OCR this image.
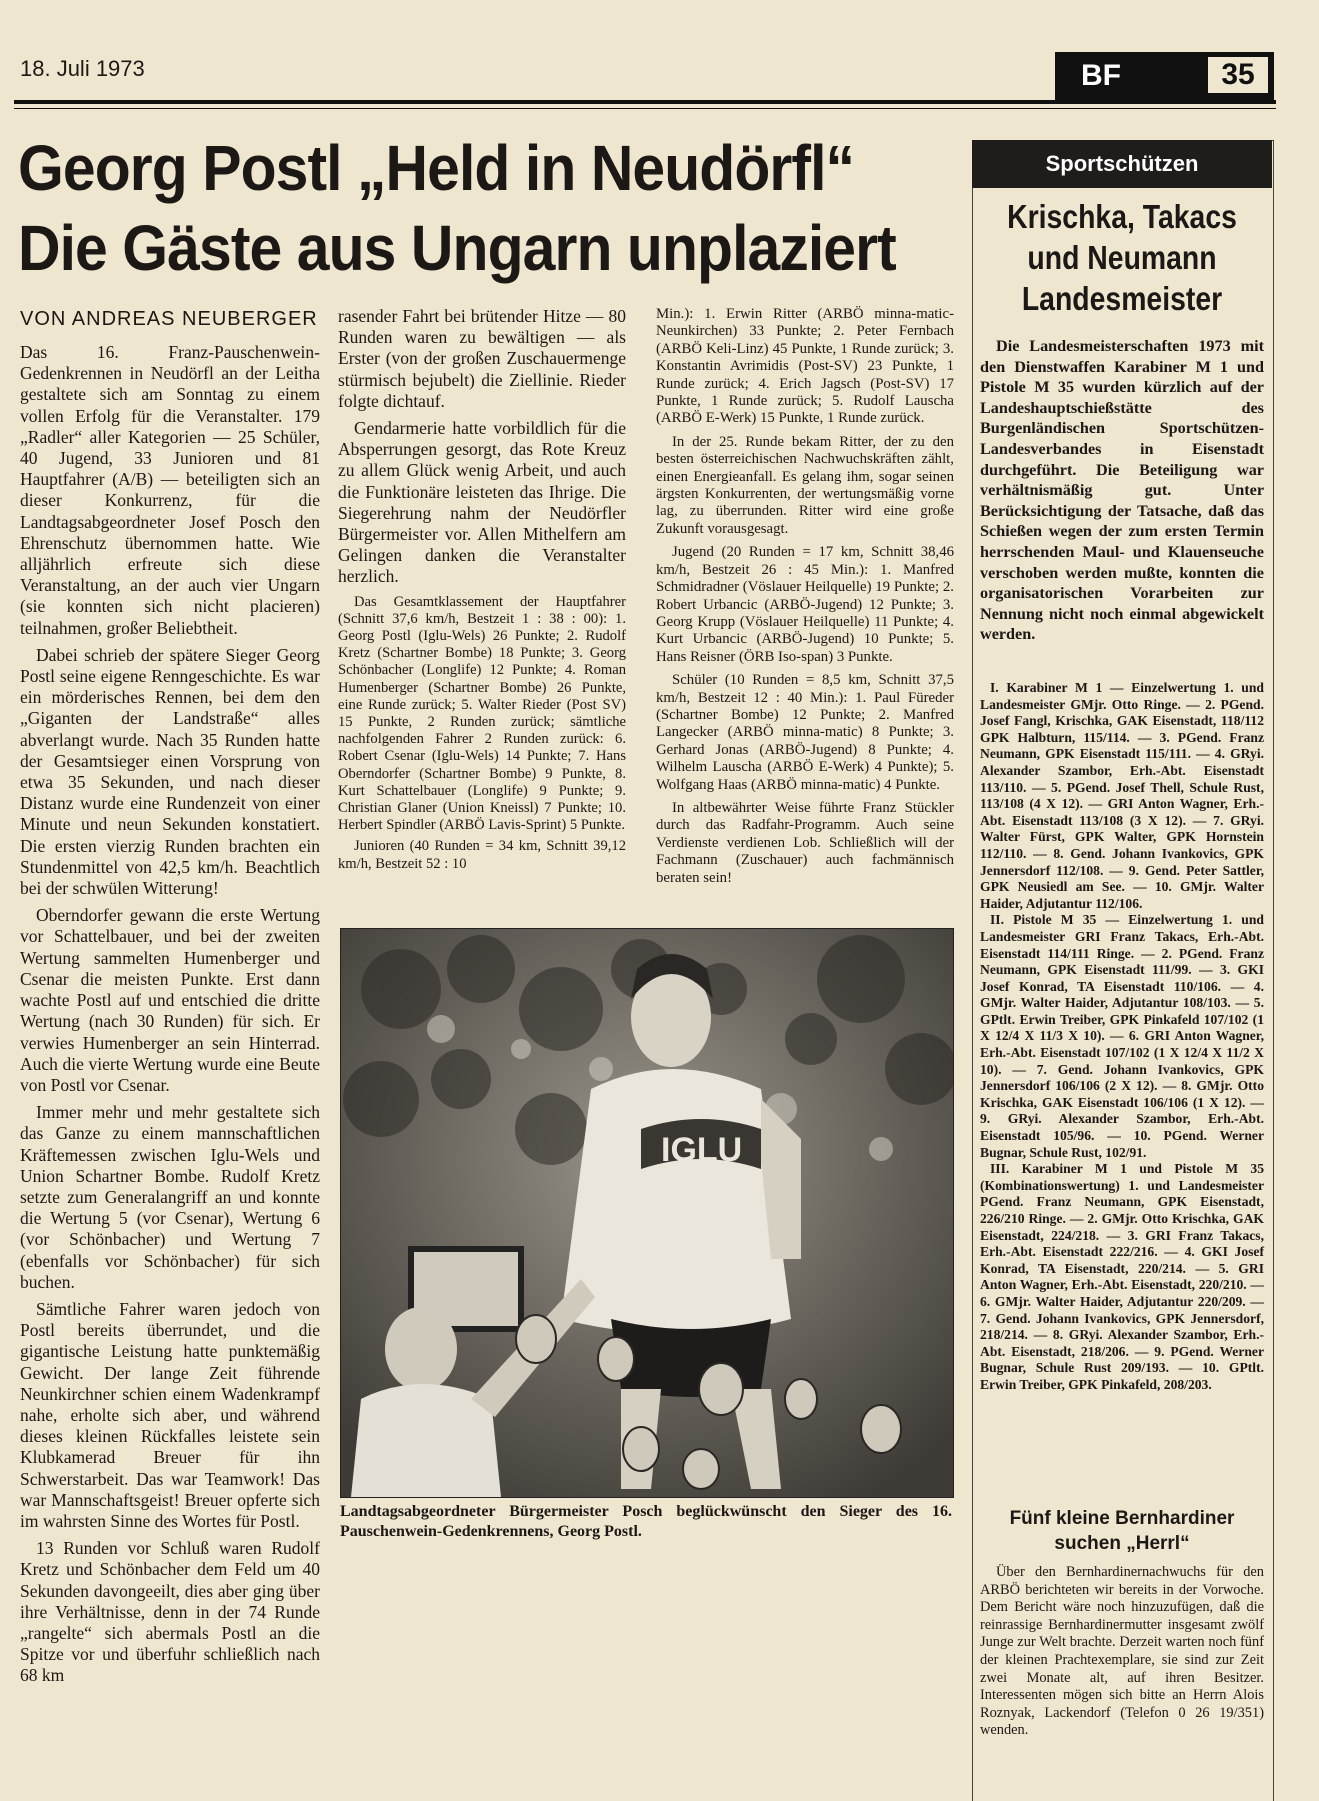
18. Juli 1973	BF	35
Georg Postl „Held in Neudörfl“
Die Gäste aus Ungarn unplaziert
VON ANDREAS NEUBERGER

Das 16. Franz-Pauschenwein-Gedenkrennen in Neudörfl an der Leitha gestaltete sich am Sonntag zu einem vollen Erfolg für die Veranstalter. 179 „Radler“ aller Kategorien — 25 Schüler, 40 Jugend, 33 Junioren und 81 Hauptfahrer (A/B) — beteiligten sich an dieser Konkurrenz, für die Landtagsabgeordneter Josef Posch den Ehrenschutz übernommen hatte. Wie alljährlich erfreute sich diese Veranstaltung, an der auch vier Ungarn (sie konnten sich nicht placieren) teilnahmen, großer Beliebtheit.

Dabei schrieb der spätere Sieger Georg Postl seine eigene Renngeschichte. Es war ein mörderisches Rennen, bei dem den „Giganten der Landstraße“ alles abverlangt wurde. Nach 35 Runden hatte der Gesamtsieger einen Vorsprung von etwa 35 Sekunden, und nach dieser Distanz wurde eine Rundenzeit von einer Minute und neun Sekunden konstatiert. Die ersten vierzig Runden brachten ein Stundenmittel von 42,5 km/h. Beachtlich bei der schwülen Witterung!

Oberndorfer gewann die erste Wertung vor Schattelbauer, und bei der zweiten Wertung sammelten Humenberger und Csenar die meisten Punkte. Erst dann wachte Postl auf und entschied die dritte Wertung (nach 30 Runden) für sich. Er verwies Humenberger an sein Hinterrad. Auch die vierte Wertung wurde eine Beute von Postl vor Csenar.

Immer mehr und mehr gestaltete sich das Ganze zu einem mannschaftlichen Kräftemessen zwischen Iglu-Wels und Union Schartner Bombe. Rudolf Kretz setzte zum Generalangriff an und konnte die Wertung 5 (vor Csenar), Wertung 6 (vor Schönbacher) und Wertung 7 (ebenfalls vor Schönbacher) für sich buchen.

Sämtliche Fahrer waren jedoch von Postl bereits überrundet, und die gigantische Leistung hatte punktemäßig Gewicht. Der lange Zeit führende Neunkirchner schien einem Wadenkrampf nahe, erholte sich aber, und während dieses kleinen Rückfalles leistete sein Klubkamerad Breuer für ihn Schwerstarbeit. Das war Teamwork! Das war Mannschaftsgeist! Breuer opferte sich im wahrsten Sinne des Wortes für Postl.

13 Runden vor Schluß waren Rudolf Kretz und Schönbacher dem Feld um 40 Sekunden davongeeilt, dies aber ging über ihre Verhältnisse, denn in der 74 Runde „rangelte“ sich abermals Postl an die Spitze vor und überfuhr schließlich nach 68 km

rasender Fahrt bei brütender Hitze — 80 Runden waren zu bewältigen — als Erster (von der großen Zuschauermenge stürmisch bejubelt) die Ziellinie. Rieder folgte dichtauf.

Gendarmerie hatte vorbildlich für die Absperrungen gesorgt, das Rote Kreuz zu allem Glück wenig Arbeit, und auch die Funktionäre leisteten das Ihrige. Die Siegerehrung nahm der Neudörfler Bürgermeister vor. Allen Mithelfern am Gelingen danken die Veranstalter herzlich.

Das Gesamtklassement der Hauptfahrer (Schnitt 37,6 km/h, Bestzeit 1 : 38 : 00): 1. Georg Postl (Iglu-Wels) 26 Punkte; 2. Rudolf Kretz (Schartner Bombe) 18 Punkte; 3. Georg Schönbacher (Longlife) 12 Punkte; 4. Roman Humenberger (Schartner Bombe) 26 Punkte, eine Runde zurück; 5. Walter Rieder (Post SV) 15 Punkte, 2 Runden zurück; sämtliche nachfolgenden Fahrer 2 Runden zurück: 6. Robert Csenar (Iglu-Wels) 14 Punkte; 7. Hans Oberndorfer (Schartner Bombe) 9 Punkte, 8. Kurt Schattelbauer (Longlife) 9 Punkte; 9. Christian Glaner (Union Kneissl) 7 Punkte; 10. Herbert Spindler (ARBÖ Lavis-Sprint) 5 Punkte.

Junioren (40 Runden = 34 km, Schnitt 39,12 km/h, Bestzeit 52 : 10

Min.): 1. Erwin Ritter (ARBÖ minna-matic-Neunkirchen) 33 Punkte; 2. Peter Fernbach (ARBÖ Keli-Linz) 45 Punkte, 1 Runde zurück; 3. Konstantin Avrimidis (Post-SV) 23 Punkte, 1 Runde zurück; 4. Erich Jagsch (Post-SV) 17 Punkte, 1 Runde zurück; 5. Rudolf Lauscha (ARBÖ E-Werk) 15 Punkte, 1 Runde zurück.

In der 25. Runde bekam Ritter, der zu den besten österreichischen Nachwuchskräften zählt, einen Energieanfall. Es gelang ihm, sogar seinen ärgsten Konkurrenten, der wertungsmäßig vorne lag, zu überrunden. Ritter wird eine große Zukunft vorausgesagt.

Jugend (20 Runden = 17 km, Schnitt 38,46 km/h, Bestzeit 26 : 45 Min.): 1. Manfred Schmidradner (Vöslauer Heilquelle) 19 Punkte; 2. Robert Urbancic (ARBÖ-Jugend) 12 Punkte; 3. Georg Krupp (Vöslauer Heilquelle) 11 Punkte; 4. Kurt Urbancic (ARBÖ-Jugend) 10 Punkte; 5. Hans Reisner (ÖRB Iso-span) 3 Punkte.

Schüler (10 Runden = 8,5 km, Schnitt 37,5 km/h, Bestzeit 12 : 40 Min.): 1. Paul Füreder (Schartner Bombe) 12 Punkte; 2. Manfred Langecker (ARBÖ minna-matic) 8 Punkte; 3. Gerhard Jonas (ARBÖ-Jugend) 8 Punkte; 4. Wilhelm Lauscha (ARBÖ E-Werk) 4 Punkte); 5. Wolfgang Haas (ARBÖ minna-matic) 4 Punkte.

In altbewährter Weise führte Franz Stückler durch das Radfahr-Programm. Auch seine Verdienste verdienen Lob. Schließlich will der Fachmann (Zuschauer) auch fachmännisch beraten sein!

IGLU
Landtagsabgeordneter Bürgermeister Posch beglückwünscht den Sieger des 16. Pauschenwein-Gedenkrennens, Georg Postl.
Sportschützen
Krischka, Takacs
und Neumann
Landesmeister

Die Landesmeisterschaften 1973 mit den Dienstwaffen Karabiner M 1 und Pistole M 35 wurden kürzlich auf der Landeshauptschießstätte des Burgenländischen Sportschützen-Landesverbandes in Eisenstadt durchgeführt. Die Beteiligung war verhältnismäßig gut. Unter Berücksichtigung der Tatsache, daß das Schießen wegen der zum ersten Termin herrschenden Maul- und Klauenseuche verschoben werden mußte, konnten die organisatorischen Vorarbeiten zur Nennung nicht noch einmal abgewickelt werden.

I. Karabiner M 1 — Einzelwertung 1. und Landesmeister GMjr. Otto Ringe. — 2. PGend. Josef Fangl, Krischka, GAK Eisenstadt, 118/112 GPK Halbturn, 115/114. — 3. PGend. Franz Neumann, GPK Eisenstadt 115/111. — 4. GRyi. Alexander Szambor, Erh.-Abt. Eisenstadt 113/110. — 5. PGend. Josef Thell, Schule Rust, 113/108 (4 X 12). — GRI Anton Wagner, Erh.-Abt. Eisenstadt 113/108 (3 X 12). — 7. GRyi. Walter Fürst, GPK Walter, GPK Hornstein 112/110. — 8. Gend. Johann Ivankovics, GPK Jennersdorf 112/108. — 9. Gend. Peter Sattler, GPK Neusiedl am See. — 10. GMjr. Walter Haider, Adjutantur 112/106.

II. Pistole M 35 — Einzelwertung 1. und Landesmeister GRI Franz Takacs, Erh.-Abt. Eisenstadt 114/111 Ringe. — 2. PGend. Franz Neumann, GPK Eisenstadt 111/99. — 3. GKI Josef Konrad, TA Eisenstadt 110/106. — 4. GMjr. Walter Haider, Adjutantur 108/103. — 5. GPtlt. Erwin Treiber, GPK Pinkafeld 107/102 (1 X 12/4 X 11/3 X 10). — 6. GRI Anton Wagner, Erh.-Abt. Eisenstadt 107/102 (1 X 12/4 X 11/2 X 10). — 7. Gend. Johann Ivankovics, GPK Jennersdorf 106/106 (2 X 12). — 8. GMjr. Otto Krischka, GAK Eisenstadt 106/106 (1 X 12). — 9. GRyi. Alexander Szambor, Erh.-Abt. Eisenstadt 105/96. — 10. PGend. Werner Bugnar, Schule Rust, 102/91.

III. Karabiner M 1 und Pistole M 35 (Kombinationswertung) 1. und Landesmeister PGend. Franz Neumann, GPK Eisenstadt, 226/210 Ringe. — 2. GMjr. Otto Krischka, GAK Eisenstadt, 224/218. — 3. GRI Franz Takacs, Erh.-Abt. Eisenstadt 222/216. — 4. GKI Josef Konrad, TA Eisenstadt, 220/214. — 5. GRI Anton Wagner, Erh.-Abt. Eisenstadt, 220/210. — 6. GMjr. Walter Haider, Adjutantur 220/209. — 7. Gend. Johann Ivankovics, GPK Jennersdorf, 218/214. — 8. GRyi. Alexander Szambor, Erh.-Abt. Eisenstadt, 218/206. — 9. PGend. Werner Bugnar, Schule Rust 209/193. — 10. GPtlt. Erwin Treiber, GPK Pinkafeld, 208/203.

Fünf kleine Bernhardiner
suchen „Herrl“

Über den Bernhardinernachwuchs für den ARBÖ berichteten wir bereits in der Vorwoche. Dem Bericht wäre noch hinzuzufügen, daß die reinrassige Bernhardinermutter insgesamt zwölf Junge zur Welt brachte. Derzeit warten noch fünf der kleinen Prachtexemplare, sie sind zur Zeit zwei Monate alt, auf ihren Besitzer. Interessenten mögen sich bitte an Herrn Alois Roznyak, Lackendorf (Telefon 0 26 19/351) wenden.
